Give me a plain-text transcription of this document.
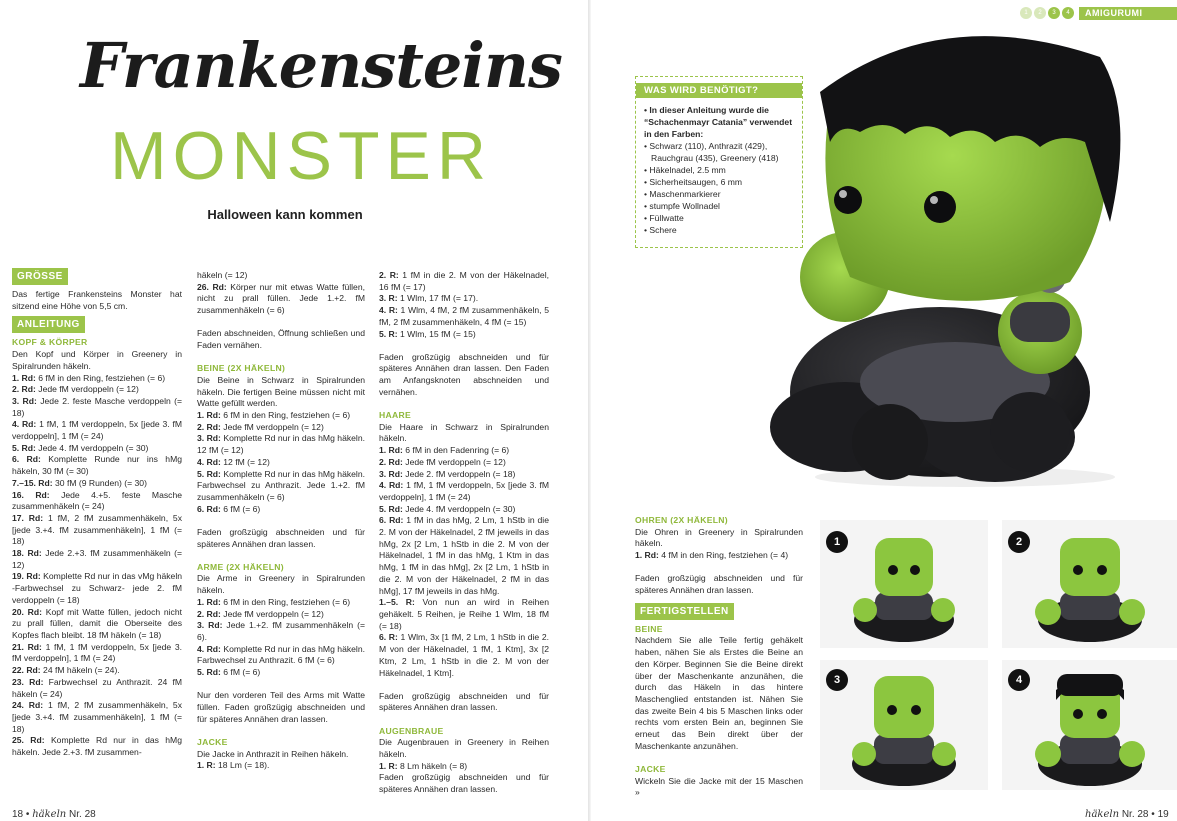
Frankensteins
MONSTER
Halloween kann kommen
GRÖSSE

Das fertige Frankensteins Monster hat sitzend eine Höhe von 5,5 cm.

ANLEITUNG

KOPF & KÖRPER

Den Kopf und Körper in Greenery in Spiralrunden häkeln.

1. Rd: 6 fM in den Ring, festziehen (= 6)

2. Rd: Jede fM verdoppeln (= 12)

3. Rd: Jede 2. feste Masche verdoppeln (= 18)

4. Rd: 1 fM, 1 fM verdoppeln, 5x [jede 3. fM verdoppeln], 1 fM (= 24)

5. Rd: Jede 4. fM verdoppeln (= 30)

6. Rd: Komplette Runde nur ins hMg häkeln, 30 fM (= 30)

7.–15. Rd: 30 fM (9 Runden) (= 30)

16. Rd: Jede 4.+5. feste Masche zusammenhäkeln (= 24)

17. Rd: 1 fM, 2 fM zusammenhäkeln, 5x [jede 3.+4. fM zusammenhäkeln], 1 fM (= 18)

18. Rd: Jede 2.+3. fM zusammenhäkeln (= 12)

19. Rd: Komplette Rd nur in das vMg häkeln -Farbwechsel zu Schwarz- jede 2. fM verdoppeln (= 18)

20. Rd: Kopf mit Watte füllen, jedoch nicht zu prall füllen, damit die Oberseite des Kopfes flach bleibt. 18 fM häkeln (= 18)

21. Rd: 1 fM, 1 fM verdoppeln, 5x [jede 3. fM verdoppeln], 1 fM (= 24)

22. Rd: 24 fM häkeln (= 24).

23. Rd: Farbwechsel zu Anthrazit. 24 fM häkeln (= 24)

24. Rd: 1 fM, 2 fM zusammenhäkeln, 5x [jede 3.+4. fM zusammenhäkeln], 1 fM (= 18)

25. Rd: Komplette Rd nur in das hMg häkeln. Jede 2.+3. fM zusammen-

häkeln (= 12)

26. Rd: Körper nur mit etwas Watte füllen, nicht zu prall füllen. Jede 1.+2. fM zusammenhäkeln (= 6)

Faden abschneiden, Öffnung schließen und Faden vernähen.

BEINE (2X HÄKELN)

Die Beine in Schwarz in Spiralrunden häkeln. Die fertigen Beine müssen nicht mit Watte gefüllt werden.

1. Rd: 6 fM in den Ring, festziehen (= 6)

2. Rd: Jede fM verdoppeln (= 12)

3. Rd: Komplette Rd nur in das hMg häkeln. 12 fM (= 12)

4. Rd: 12 fM (= 12)

5. Rd: Komplette Rd nur in das hMg häkeln. Farbwechsel zu Anthrazit. Jede 1.+2. fM zusammenhäkeln (= 6)

6. Rd: 6 fM (= 6)

Faden großzügig abschneiden und für späteres Annähen dran lassen.

ARME (2X HÄKELN)

Die Arme in Greenery in Spiralrunden häkeln.

1. Rd: 6 fM in den Ring, festziehen (= 6)

2. Rd: Jede fM verdoppeln (= 12)

3. Rd: Jede 1.+2. fM zusammenhäkeln (= 6).

4. Rd: Komplette Rd nur in das hMg häkeln. Farbwechsel zu Anthrazit. 6 fM (= 6)

5. Rd: 6 fM (= 6)

Nur den vorderen Teil des Arms mit Watte füllen. Faden großzügig abschneiden und für späteres Annähen dran lassen.

JACKE

Die Jacke in Anthrazit in Reihen häkeln.

1. R: 18 Lm (= 18).

2. R: 1 fM in die 2. M von der Häkelnadel, 16 fM (= 17)

3. R: 1 Wlm, 17 fM (= 17).

4. R: 1 Wlm, 4 fM, 2 fM zusammenhäkeln, 5 fM, 2 fM zusammenhäkeln, 4 fM (= 15)

5. R: 1 Wlm, 15 fM (= 15)

Faden großzügig abschneiden und für späteres Annähen dran lassen. Den Faden am Anfangsknoten abschneiden und vernähen.

HAARE

Die Haare in Schwarz in Spiralrunden häkeln.

1. Rd: 6 fM in den Fadenring (= 6)

2. Rd: Jede fM verdoppeln (= 12)

3. Rd: Jede 2. fM verdoppeln (= 18)

4. Rd: 1 fM, 1 fM verdoppeln, 5x [jede 3. fM verdoppeln], 1 fM (= 24)

5. Rd: Jede 4. fM verdoppeln (= 30)

6. Rd: 1 fM in das hMg, 2 Lm, 1 hStb in die 2. M von der Häkelnadel, 2 fM jeweils in das hMg, 2x [2 Lm, 1 hStb in die 2. M von der Häkelnadel, 1 fM in das hMg, 1 Ktm in das hMg, 1 fM in das hMg], 2x [2 Lm, 1 hStb in die 2. M von der Häkelnadel, 2 fM in das hMg], 17 fM jeweils in das hMg.

1.–5. R: Von nun an wird in Reihen gehäkelt. 5 Reihen, je Reihe 1 Wlm, 18 fM (= 18)

6. R: 1 Wlm, 3x [1 fM, 2 Lm, 1 hStb in die 2. M von der Häkelnadel, 1 fM, 1 Ktm], 3x [2 Ktm, 2 Lm, 1 hStb in die 2. M von der Häkelnadel, 1 Ktm].

Faden großzügig abschneiden und für späteres Annähen dran lassen.

AUGENBRAUE

Die Augenbrauen in Greenery in Reihen häkeln.

1. R: 8 Lm häkeln (= 8)

Faden großzügig abschneiden und für späteres Annähen dran lassen.

18 • häkeln Nr. 28
1	2	3	4	AMIGURUMI
WAS WIRD BENÖTIGT?

• In dieser Anleitung wurde die “Schachenmayr Catania” verwendet in den Farben:

• Schwarz (110), Anthrazit (429), Rauchgrau (435), Greenery (418)
• Häkelnadel, 2.5 mm
• Sicherheitsaugen, 6 mm
• Maschenmarkierer
• stumpfe Wollnadel
• Füllwatte
• Schere

OHREN (2X HÄKELN)

Die Ohren in Greenery in Spiralrunden häkeln.

1. Rd: 4 fM in den Ring, festziehen (= 4)

Faden großzügig abschneiden und für späteres Annähen dran lassen.

FERTIGSTELLEN

BEINE

Nachdem Sie alle Teile fertig gehäkelt haben, nähen Sie als Erstes die Beine an den Körper. Beginnen Sie die Beine direkt über der Maschenkante anzunähen, die durch das Häkeln in das hintere Maschenglied entstanden ist. Nähen Sie das zweite Bein 4 bis 5 Maschen links oder rechts vom ersten Bein an, beginnen Sie erneut das Bein direkt über der Maschenkante anzunähen.

JACKE

Wickeln Sie die Jacke mit der 15 Maschen »

1	2
3	4
häkeln Nr. 28 • 19
